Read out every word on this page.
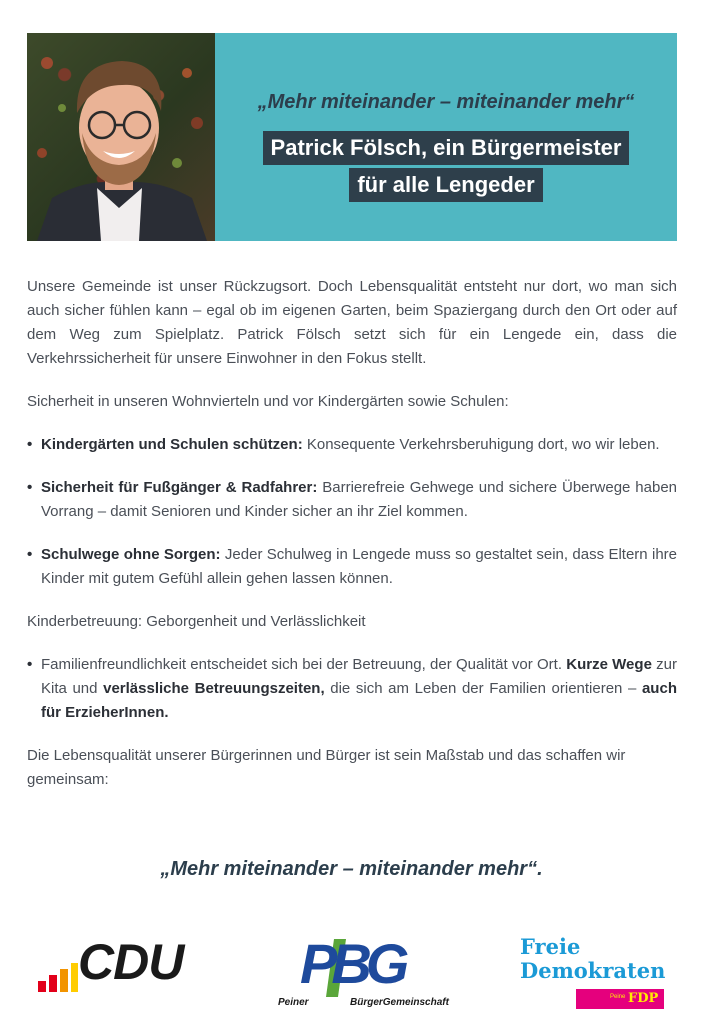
„Mehr miteinander – miteinander mehr“
Patrick Fölsch, ein Bürgermeister
für alle Lengeder

Unsere Gemeinde ist unser Rückzugsort. Doch Lebensqualität entsteht nur dort, wo man sich auch sicher fühlen kann – egal ob im eigenen Garten, beim Spaziergang durch den Ort oder auf dem Weg zum Spielplatz. Patrick Fölsch setzt sich für ein Lengede ein, dass die Verkehrssicherheit für unsere Einwohner in den Fokus stellt.

Sicherheit in unseren Wohnvierteln und vor Kindergärten sowie Schulen:

• Kindergärten und Schulen schützen: Konsequente Verkehrsberuhigung dort, wo wir leben.

• Sicherheit für Fußgänger & Radfahrer: Barrierefreie Gehwege und sichere Überwege haben Vorrang – damit Senioren und Kinder sicher an ihr Ziel kommen.

• Schulwege ohne Sorgen: Jeder Schulweg in Lengede muss so gestaltet sein, dass Eltern ihre Kinder mit gutem Gefühl allein gehen lassen können.

Kinderbetreuung: Geborgenheit und Verlässlichkeit

• Familienfreundlichkeit entscheidet sich bei der Betreuung, der Qualität vor Ort. Kurze Wege zur Kita und verlässliche Betreuungszeiten, die sich am Leben der Familien orientieren – auch für ErzieherInnen.

Die Lebensqualität unserer Bürgerinnen und Bürger ist sein Maßstab und das schaffen wir gemeinsam:

„Mehr miteinander – miteinander mehr“.
CDU PBG
Peiner	BürgerGemeinschaft
Freie
Demokraten
Peine FDP
